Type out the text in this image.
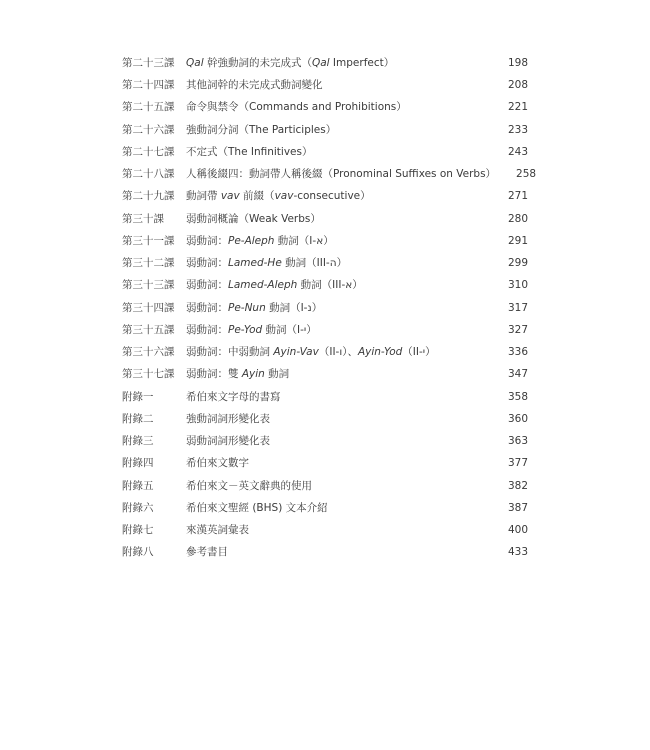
第二十三課	Qal 幹強動詞的未完成式（Qal Imperfect）	198
第二十四課	其他詞幹的未完成式動詞變化	208
第二十五課	命令與禁令（Commands and Prohibitions）	221
第二十六課	強動詞分詞（The Participles）	233
第二十七課	不定式（The Infinitives）	243
第二十八課	人稱後綴四：動詞帶人稱後綴（Pronominal Suffixes on Verbs）	258
第二十九課	動詞帶 vav 前綴（vav-consecutive）	271
第三十課	弱動詞概論（Weak Verbs）	280
第三十一課	弱動詞：Pe-Aleph 動詞（I-א）	291
第三十二課	弱動詞：Lamed-He 動詞（III-ה）	299
第三十三課	弱動詞：Lamed-Aleph 動詞（III-א）	310
第三十四課	弱動詞：Pe-Nun 動詞（I-נ）	317
第三十五課	弱動詞：Pe-Yod 動詞（I-י）	327
第三十六課	弱動詞：中弱動詞 Ayin-Vav（II-ו）、Ayin-Yod（II-י）	336
第三十七課	弱動詞：雙 Ayin 動詞	347
附錄一	希伯來文字母的書寫	358
附錄二	強動詞詞形變化表	360
附錄三	弱動詞詞形變化表	363
附錄四	希伯來文數字	377
附錄五	希伯來文－英文辭典的使用	382
附錄六	希伯來文聖經 (BHS) 文本介紹	387
附錄七	來漢英詞彙表	400
附錄八	參考書目	433
